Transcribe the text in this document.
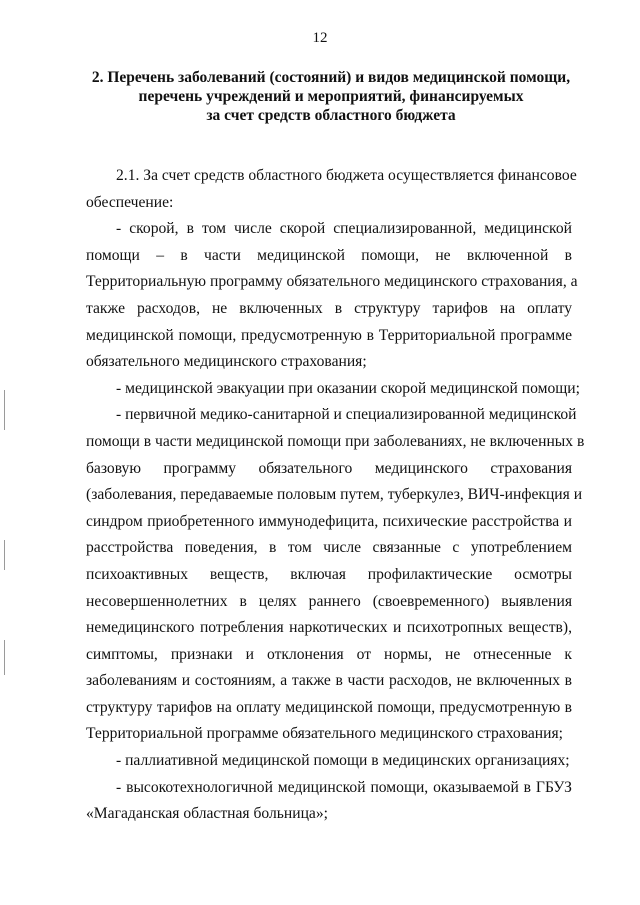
12
2. Перечень заболеваний (состояний) и видов медицинской помощи,
перечень учреждений и мероприятий, финансируемых
за счет средств областного бюджета
2.1. За счет средств областного бюджета осуществляется финансовое
обеспечение:
- скорой, в том числе скорой специализированной, медицинской
помощи – в части медицинской помощи, не включенной в
Территориальную программу обязательного медицинского страхования, а
также расходов, не включенных в структуру тарифов на оплату
медицинской помощи, предусмотренную в Территориальной программе
обязательного медицинского страхования;
- медицинской эвакуации при оказании скорой медицинской помощи;
- первичной медико-санитарной и специализированной медицинской
помощи в части медицинской помощи при заболеваниях, не включенных в
базовую программу обязательного медицинского страхования
(заболевания, передаваемые половым путем, туберкулез, ВИЧ-инфекция и
синдром приобретенного иммунодефицита, психические расстройства и
расстройства поведения, в том числе связанные с употреблением
психоактивных веществ, включая профилактические осмотры
несовершеннолетних в целях раннего (своевременного) выявления
немедицинского потребления наркотических и психотропных веществ),
симптомы, признаки и отклонения от нормы, не отнесенные к
заболеваниям и состояниям, а также в части расходов, не включенных в
структуру тарифов на оплату медицинской помощи, предусмотренную в
Территориальной программе обязательного медицинского страхования;
- паллиативной медицинской помощи в медицинских организациях;
- высокотехнологичной медицинской помощи, оказываемой в ГБУЗ
«Магаданская областная больница»;
